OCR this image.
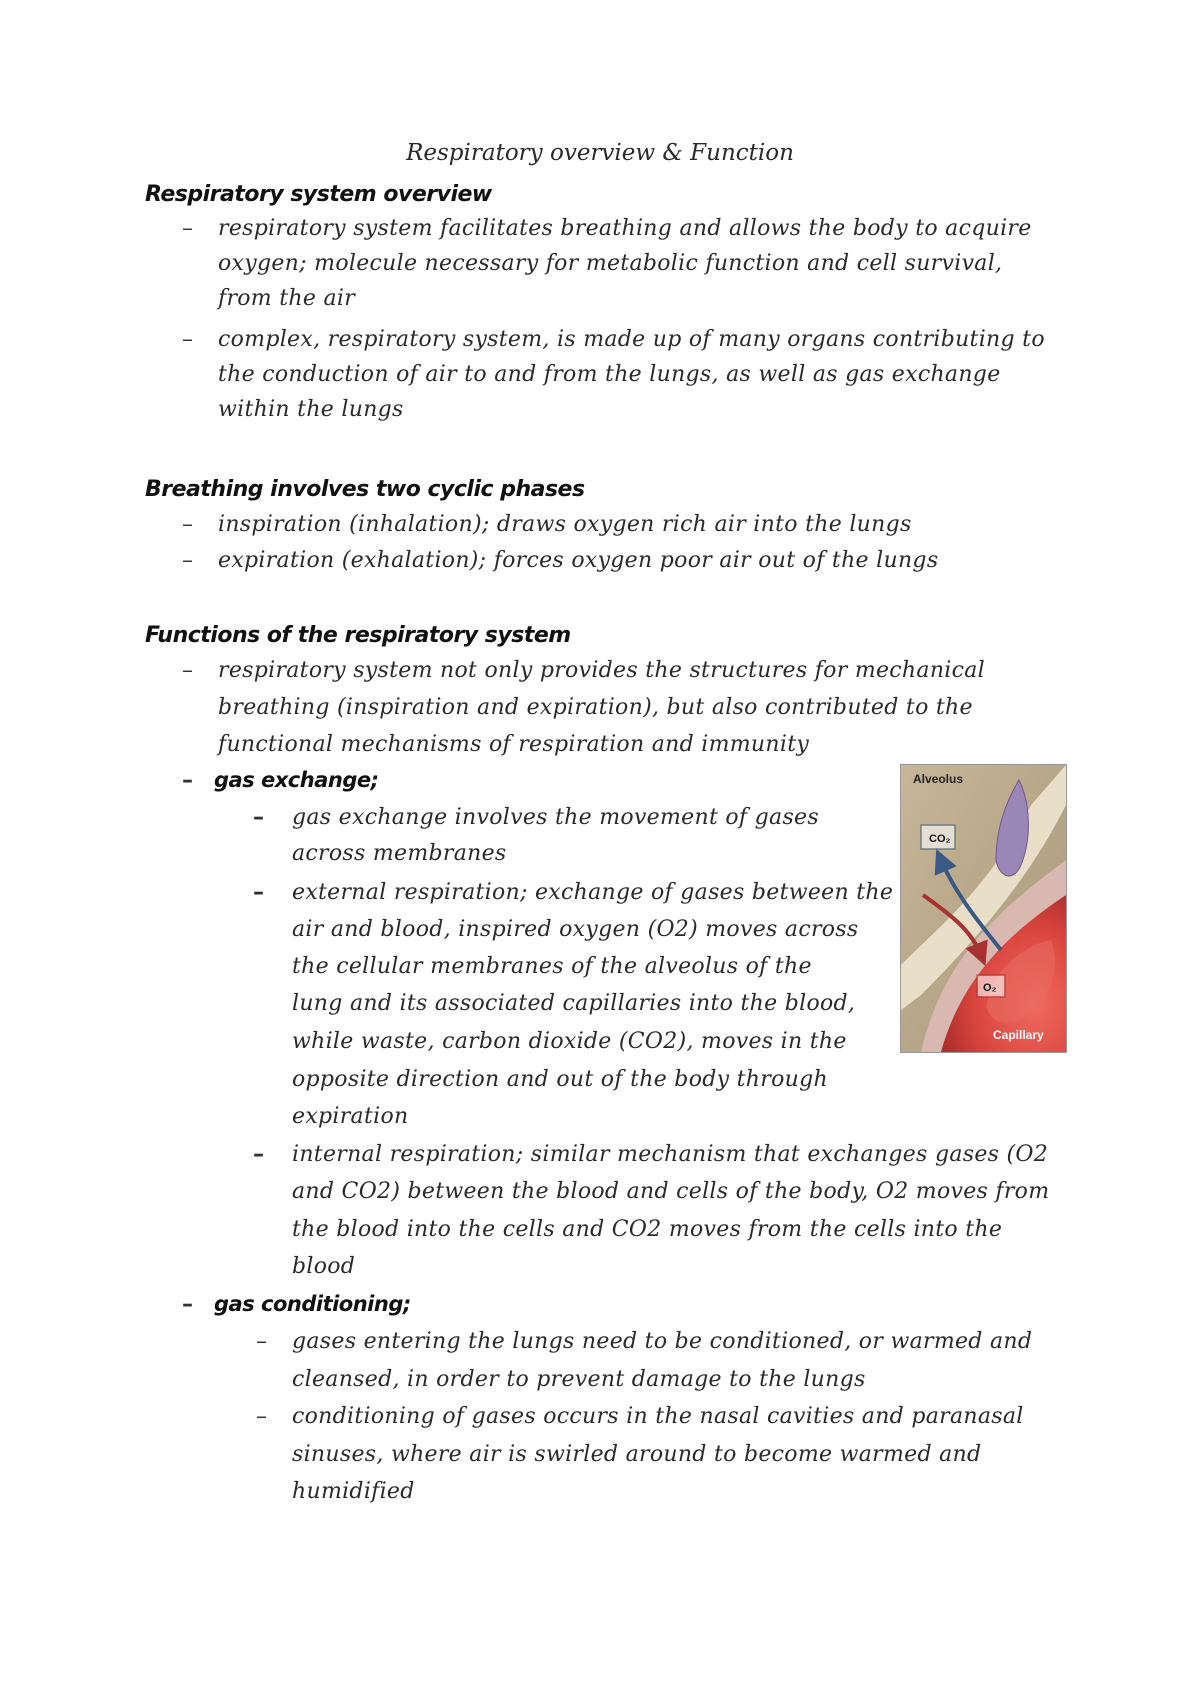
Respiratory overview & Function
Respiratory system overview
– respiratory system facilitates breathing and allows the body to acquire
oxygen; molecule necessary for metabolic function and cell survival,
from the air
– complex, respiratory system, is made up of many organs contributing to
the conduction of air to and from the lungs, as well as gas exchange
within the lungs
Breathing involves two cyclic phases
– inspiration (inhalation); draws oxygen rich air into the lungs
– expiration (exhalation); forces oxygen poor air out of the lungs
Functions of the respiratory system
– respiratory system not only provides the structures for mechanical
breathing (inspiration and expiration), but also contributed to the
functional mechanisms of respiration and immunity
– gas exchange;
– gas exchange involves the movement of gases
across membranes
– external respiration; exchange of gases between the
air and blood, inspired oxygen (O2) moves across
the cellular membranes of the alveolus of the
lung and its associated capillaries into the blood,
while waste, carbon dioxide (CO2), moves in the
opposite direction and out of the body through
expiration
– internal respiration; similar mechanism that exchanges gases (O2
and CO2) between the blood and cells of the body, O2 moves from
the blood into the cells and CO2 moves from the cells into the
blood
– gas conditioning;
– gases entering the lungs need to be conditioned, or warmed and
cleansed, in order to prevent damage to the lungs
– conditioning of gases occurs in the nasal cavities and paranasal
sinuses, where air is swirled around to become warmed and
humidified
Alveolus
CO₂
O₂
Capillary
